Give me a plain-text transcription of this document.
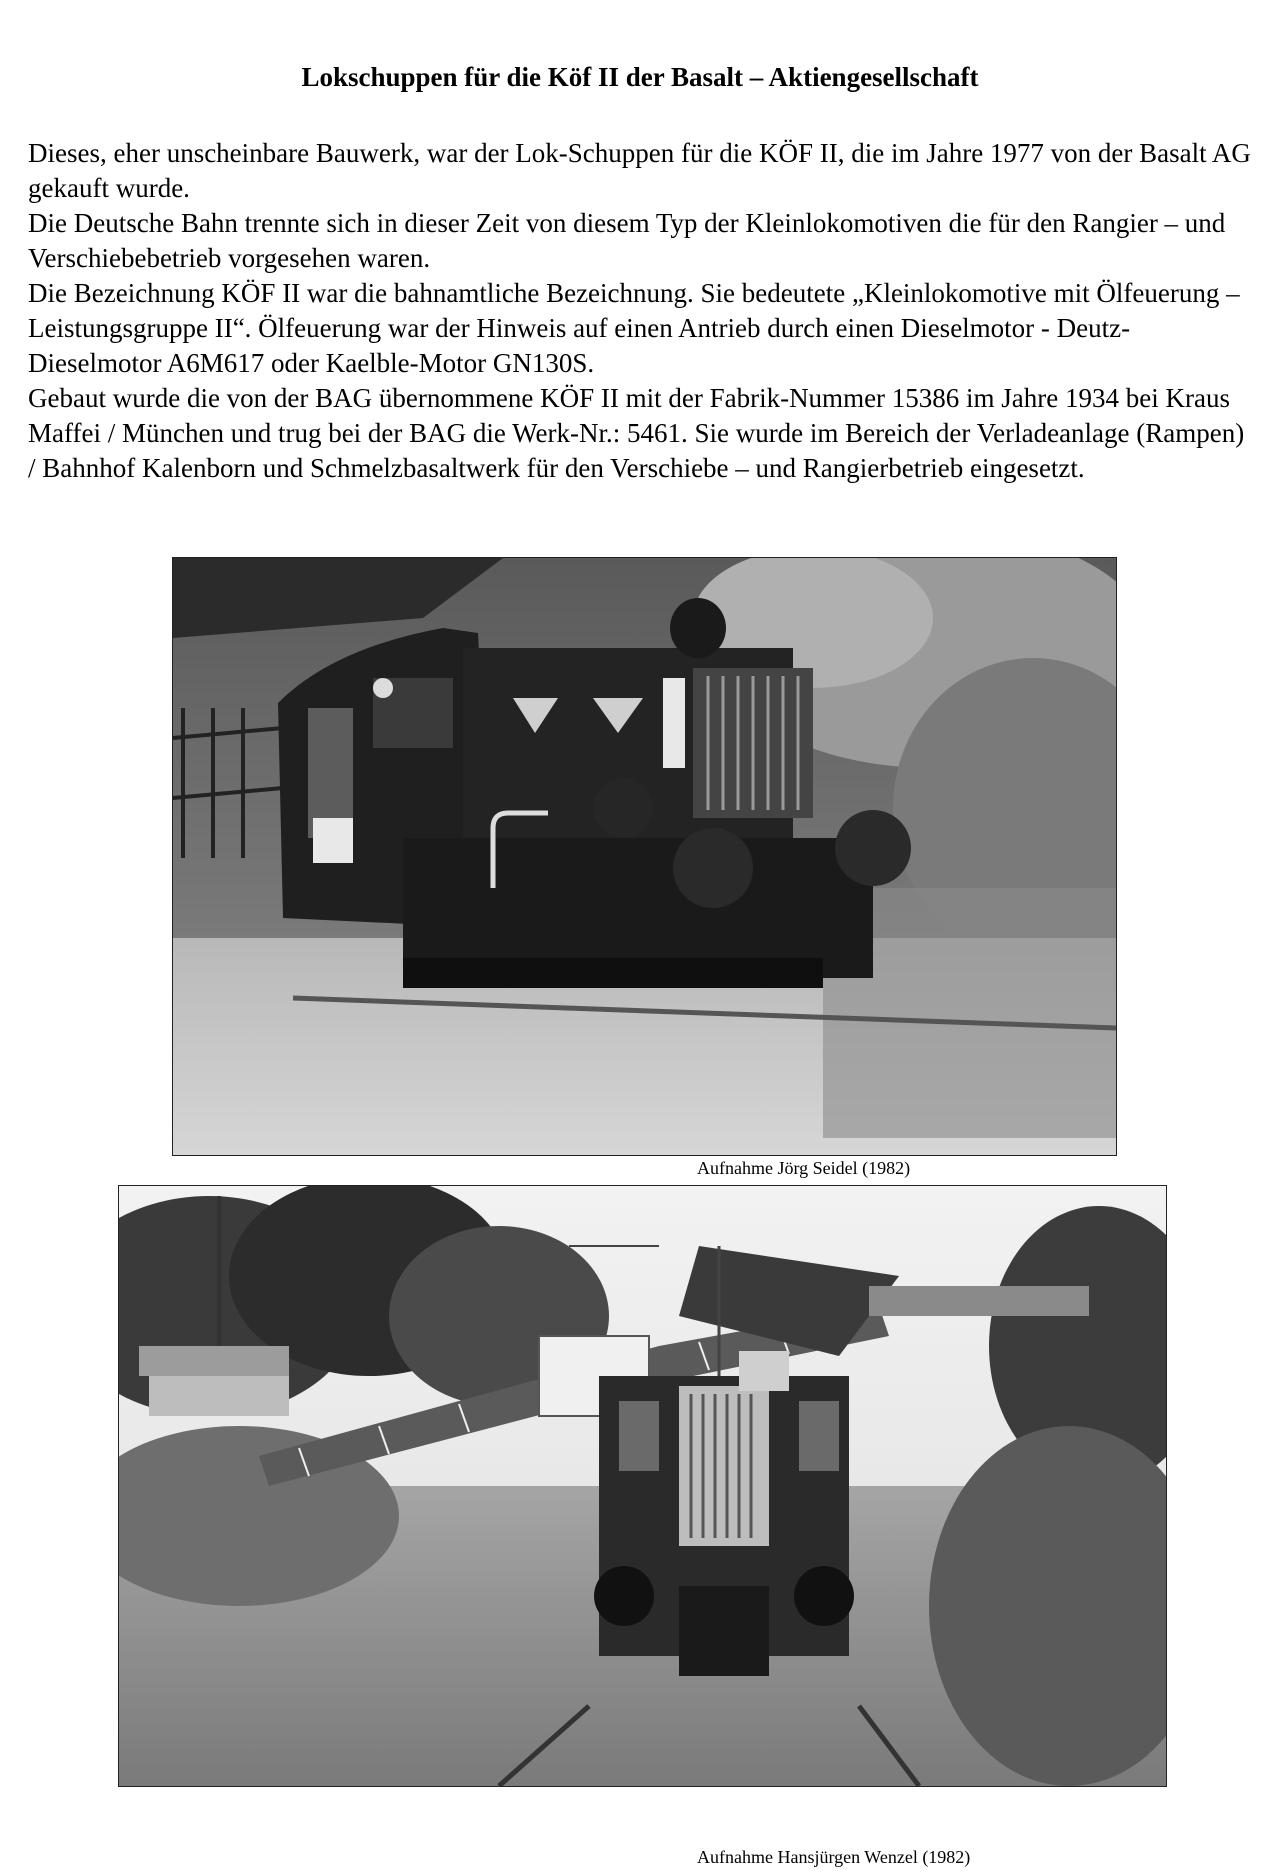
Lokschuppen für die Köf II der Basalt – Aktiengesellschaft

Dieses, eher unscheinbare Bauwerk, war der Lok-Schuppen für die KÖF II, die im Jahre 1977 von der Basalt AG gekauft wurde.

Die Deutsche Bahn trennte sich in dieser Zeit von diesem Typ der Kleinlokomotiven die für den Rangier – und Verschiebebetrieb vorgesehen waren.

Die Bezeichnung KÖF II war die bahnamtliche Bezeichnung. Sie bedeutete „Kleinlokomotive mit Ölfeuerung – Leistungsgruppe II“. Ölfeuerung war der Hinweis auf einen Antrieb durch einen Dieselmotor - Deutz-Dieselmotor A6M617 oder Kaelble-Motor GN130S.

Gebaut wurde die von der BAG übernommene KÖF II mit der Fabrik-Nummer 15386 im Jahre 1934 bei Kraus Maffei / München und trug bei der BAG die Werk-Nr.: 5461. Sie wurde im Bereich der Verladeanlage (Rampen) / Bahnhof Kalenborn und Schmelzbasaltwerk für den Verschiebe – und Rangierbetrieb eingesetzt.

Aufnahme Jörg Seidel (1982)
Aufnahme Hansjürgen Wenzel (1982)
